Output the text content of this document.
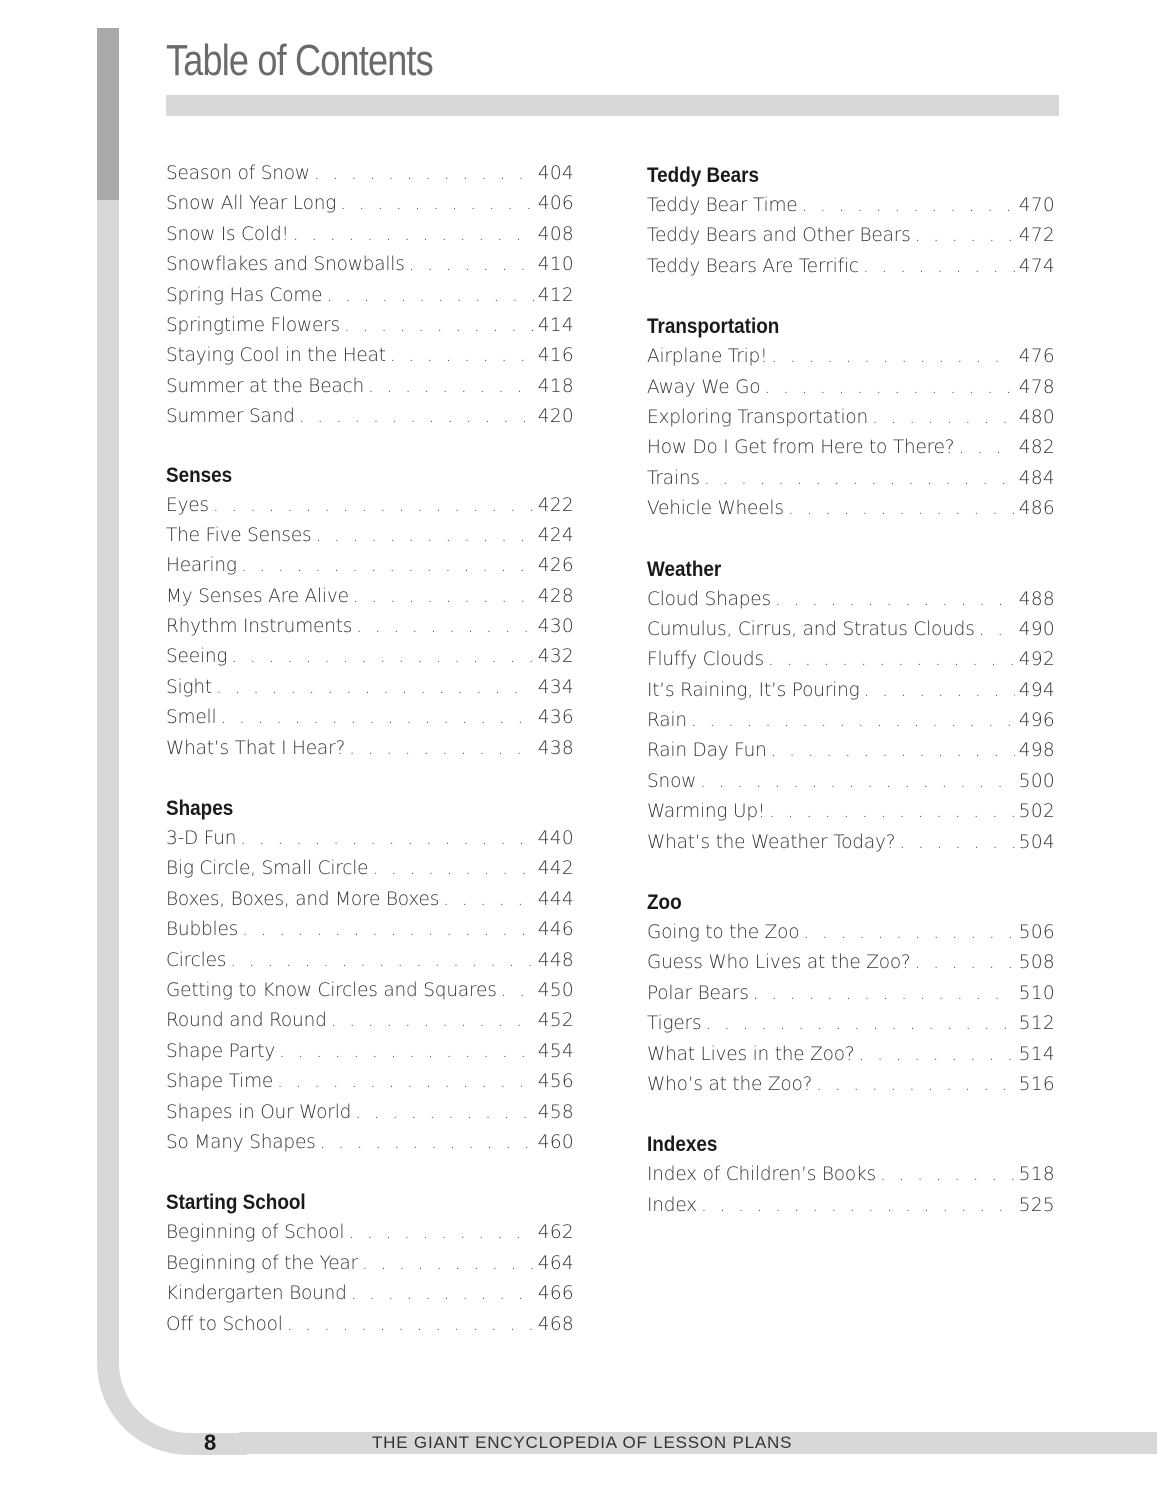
Table of Contents
Season of Snow . . .	404
Snow All Year Long . . .	406
Snow Is Cold! . . .	408
Snowflakes and Snowballs . . .	410
Spring Has Come . . .	412
Springtime Flowers . . .	414
Staying Cool in the Heat . . .	416
Summer at the Beach . . .	418
Summer Sand . . .	420
Senses
Eyes . . .	422
The Five Senses . . .	424
Hearing . . .	426
My Senses Are Alive . . .	428
Rhythm Instruments . . .	430
Seeing . . .	432
Sight . . .	434
Smell . . .	436
What’s That I Hear? . . .	438
Shapes
3-D Fun . . .	440
Big Circle, Small Circle . . .	442
Boxes, Boxes, and More Boxes . . .	444
Bubbles . . .	446
Circles . . .	448
Getting to Know Circles and Squares . . . 450
Round and Round . . .	452
Shape Party . . .	454
Shape Time . . .	456
Shapes in Our World . . .	458
So Many Shapes . . .	460
Starting School
Beginning of School . . .	462
Beginning of the Year . . .	464
Kindergarten Bound . . .	466
Off to School . . .	468
Teddy Bears
Teddy Bear Time . . .	470
Teddy Bears and Other Bears . . .	472
Teddy Bears Are Terrific . . .	474
Transportation
Airplane Trip! . . .	476
Away We Go . . .	478
Exploring Transportation . . .	480
How Do I Get from Here to There? . . .	482
Trains . . .	484
Vehicle Wheels . . .	486
Weather
Cloud Shapes . . .	488
Cumulus, Cirrus, and Stratus Clouds . . . 490
Fluffy Clouds . . .	492
It’s Raining, It’s Pouring . . .	494
Rain . . .	496
Rain Day Fun . . .	498
Snow . . .	500
Warming Up! . . .	502
What’s the Weather Today? . . .	504
Zoo
Going to the Zoo . . .	506
Guess Who Lives at the Zoo? . . .	508
Polar Bears . . .	510
Tigers . . .	512
What Lives in the Zoo? . . .	514
Who’s at the Zoo? . . .	516
Indexes
Index of Children’s Books . . .	518
Index . . .	525

8	THE GIANT ENCYCLOPEDIA OF LESSON PLANS
